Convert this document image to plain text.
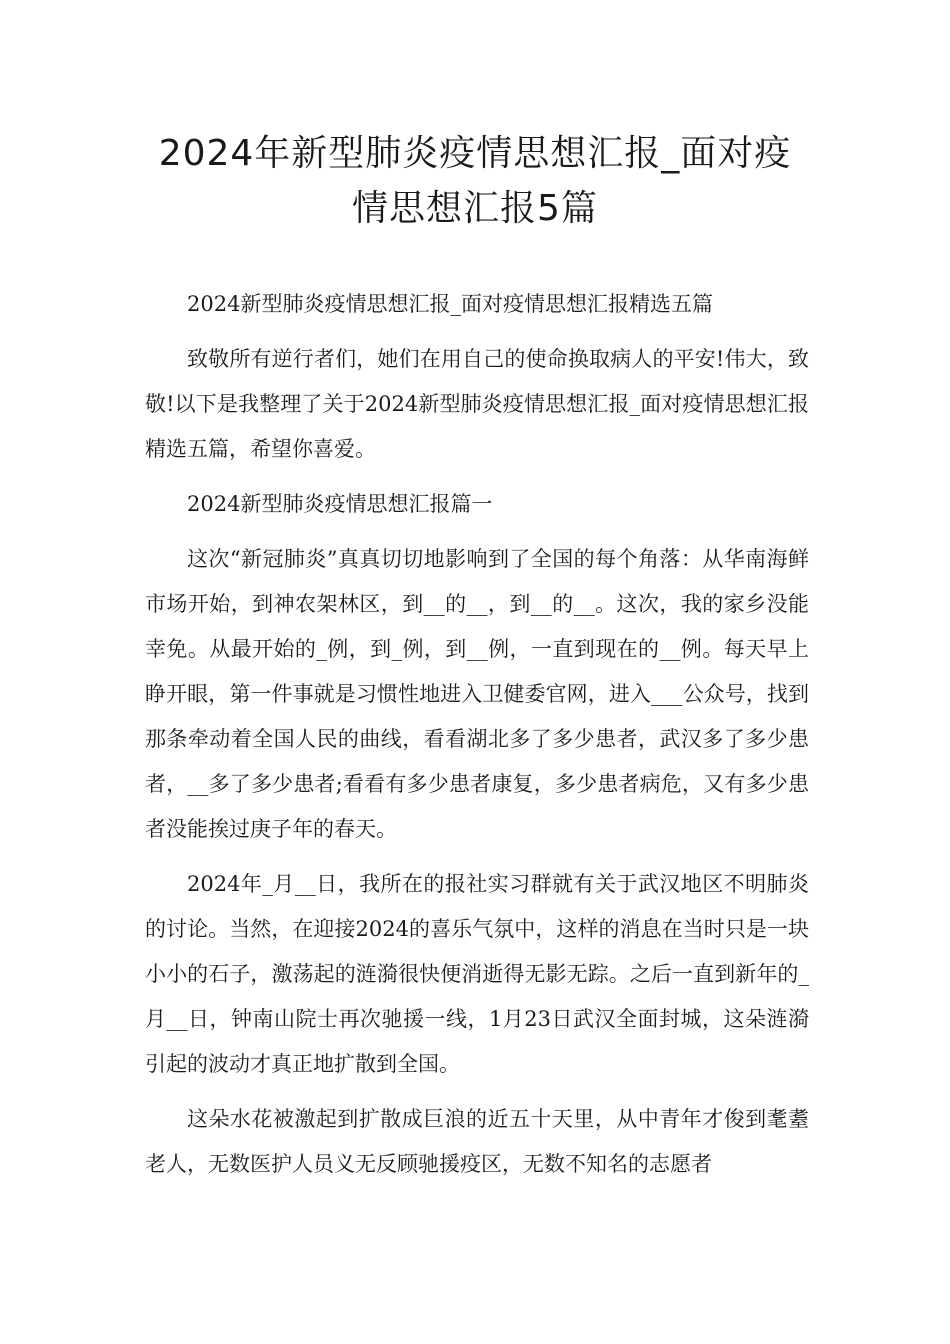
2024年新型肺炎疫情思想汇报_面对疫
情思想汇报5篇

2024新型肺炎疫情思想汇报_面对疫情思想汇报精选五篇

致敬所有逆行者们，她们在用自己的使命换取病人的平安!伟大，致敬!以下是我整理了关于2024新型肺炎疫情思想汇报_面对疫情思想汇报精选五篇，希望你喜爱。

2024新型肺炎疫情思想汇报篇一

这次“新冠肺炎”真真切切地影响到了全国的每个角落：从华南海鲜市场开始，到神农架林区，到__的__，到__的__。这次，我的家乡没能幸免。从最开始的_例，到_例，到__例，一直到现在的__例。每天早上睁开眼，第一件事就是习惯性地进入卫健委官网，进入___公众号，找到那条牵动着全国人民的曲线，看看湖北多了多少患者，武汉多了多少患者，__多了多少患者;看看有多少患者康复，多少患者病危，又有多少患者没能挨过庚子年的春天。

2024年_月__日，我所在的报社实习群就有关于武汉地区不明肺炎的讨论。当然，在迎接2024的喜乐气氛中，这样的消息在当时只是一块小小的石子，激荡起的涟漪很快便消逝得无影无踪。之后一直到新年的_月__日，钟南山院士再次驰援一线，1月23日武汉全面封城，这朵涟漪引起的波动才真正地扩散到全国。

这朵水花被激起到扩散成巨浪的近五十天里，从中青年才俊到耄耋老人，无数医护人员义无反顾驰援疫区，无数不知名的志愿者
